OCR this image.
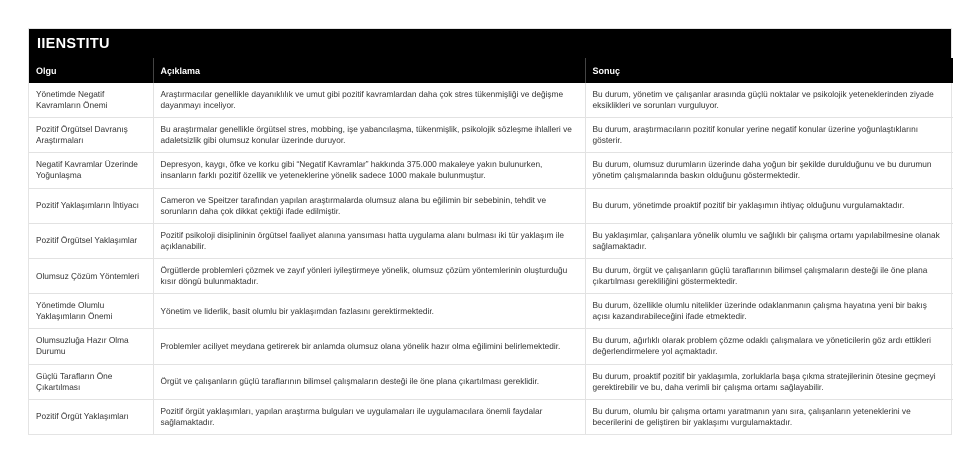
IIENSTITU
Olgu	Açıklama	Sonuç
Yönetimde Negatif Kavramların Önemi	Araştırmacılar genellikle dayanıklılık ve umut gibi pozitif kavramlardan daha çok stres tükenmişliği ve değişme dayanmayı inceliyor.	Bu durum, yönetim ve çalışanlar arasında güçlü noktalar ve psikolojik yeteneklerinden ziyade eksiklikleri ve sorunları vurguluyor.
Pozitif Örgütsel Davranış Araştırmaları	Bu araştırmalar genellikle örgütsel stres, mobbing, işe yabancılaşma, tükenmişlik, psikolojik sözleşme ihlalleri ve adaletsizlik gibi olumsuz konular üzerinde duruyor.	Bu durum, araştırmacıların pozitif konular yerine negatif konular üzerine yoğunlaştıklarını gösterir.
Negatif Kavramlar Üzerinde Yoğunlaşma	Depresyon, kaygı, öfke ve korku gibi “Negatif Kavramlar” hakkında 375.000 makaleye yakın bulunurken, insanların farklı pozitif özellik ve yeteneklerine yönelik sadece 1000 makale bulunmuştur.	Bu durum, olumsuz durumların üzerinde daha yoğun bir şekilde durulduğunu ve bu durumun yönetim çalışmalarında baskın olduğunu göstermektedir.
Pozitif Yaklaşımların İhtiyacı	Cameron ve Speitzer tarafından yapılan araştırmalarda olumsuz alana bu eğilimin bir sebebinin, tehdit ve sorunların daha çok dikkat çektiği ifade edilmiştir.	Bu durum, yönetimde proaktif pozitif bir yaklaşımın ihtiyaç olduğunu vurgulamaktadır.
Pozitif Örgütsel Yaklaşımlar	Pozitif psikoloji disiplininin örgütsel faaliyet alanına yansıması hatta uygulama alanı bulması iki tür yaklaşım ile açıklanabilir.	Bu yaklaşımlar, çalışanlara yönelik olumlu ve sağlıklı bir çalışma ortamı yapılabilmesine olanak sağlamaktadır.
Olumsuz Çözüm Yöntemleri	Örgütlerde problemleri çözmek ve zayıf yönleri iyileştirmeye yönelik, olumsuz çözüm yöntemlerinin oluşturduğu kısır döngü bulunmaktadır.	Bu durum, örgüt ve çalışanların güçlü taraflarının bilimsel çalışmaların desteği ile öne plana çıkartılması gerekliliğini göstermektedir.
Yönetimde Olumlu Yaklaşımların Önemi	Yönetim ve liderlik, basit olumlu bir yaklaşımdan fazlasını gerektirmektedir.	Bu durum, özellikle olumlu nitelikler üzerinde odaklanmanın çalışma hayatına yeni bir bakış açısı kazandırabileceğini ifade etmektedir.
Olumsuzluğa Hazır Olma Durumu	Problemler aciliyet meydana getirerek bir anlamda olumsuz olana yönelik hazır olma eğilimini belirlemektedir.	Bu durum, ağırlıklı olarak problem çözme odaklı çalışmalara ve yöneticilerin göz ardı ettikleri değerlendirmelere yol açmaktadır.
Güçlü Tarafların Öne Çıkartılması	Örgüt ve çalışanların güçlü taraflarının bilimsel çalışmaların desteği ile öne plana çıkartılması gereklidir.	Bu durum, proaktif pozitif bir yaklaşımla, zorluklarla başa çıkma stratejilerinin ötesine geçmeyi gerektirebilir ve bu, daha verimli bir çalışma ortamı sağlayabilir.
Pozitif Örgüt Yaklaşımları	Pozitif örgüt yaklaşımları, yapılan araştırma bulguları ve uygulamaları ile uygulamacılara önemli faydalar sağlamaktadır.	Bu durum, olumlu bir çalışma ortamı yaratmanın yanı sıra, çalışanların yeteneklerini ve becerilerini de geliştiren bir yaklaşımı vurgulamaktadır.
